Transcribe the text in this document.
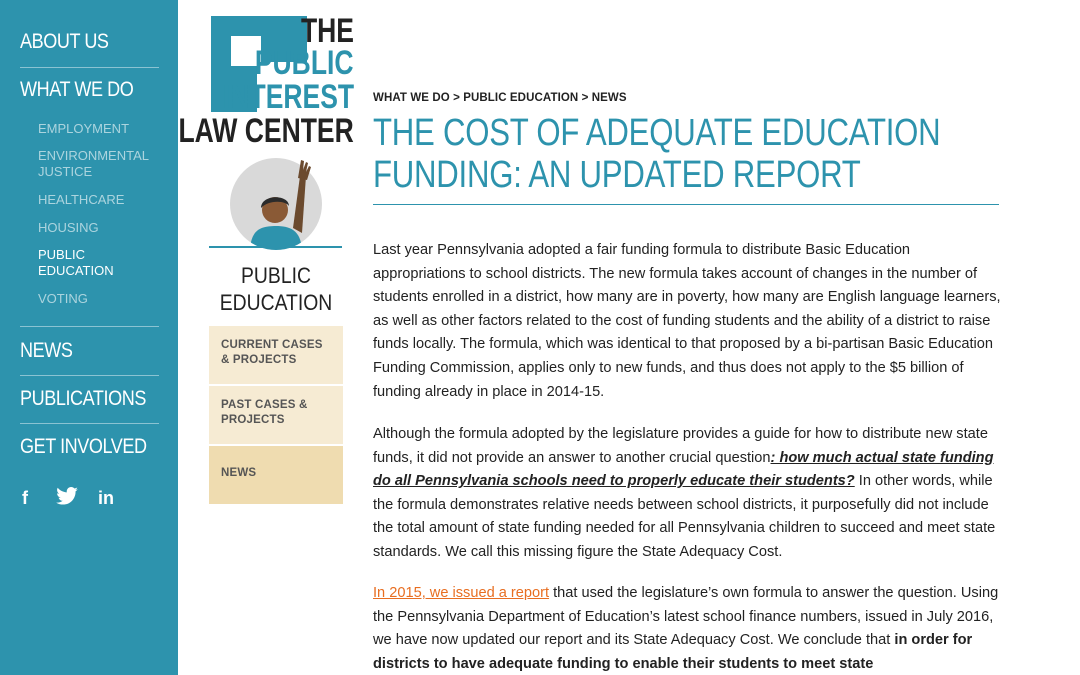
ABOUT US
WHAT WE DO
EMPLOYMENT
ENVIRONMENTAL JUSTICE
HEALTHCARE
HOUSING
PUBLIC EDUCATION
VOTING
NEWS
PUBLICATIONS
GET INVOLVED
f	in
THE
PUBLIC
INTEREST
LAW CENTER
PUBLIC
EDUCATION
CURRENT CASES & PROJECTS
PAST CASES & PROJECTS
NEWS
WHAT WE DO > PUBLIC EDUCATION > NEWS
THE COST OF ADEQUATE EDUCATION FUNDING: AN UPDATED REPORT

Last year Pennsylvania adopted a fair funding formula to distribute Basic Education appropriations to school districts. The new formula takes account of changes in the number of students enrolled in a district, how many are in poverty, how many are English language learners, as well as other factors related to the cost of funding students and the ability of a district to raise funds locally. The formula, which was identical to that proposed by a bi-partisan Basic Education Funding Commission, applies only to new funds, and thus does not apply to the $5 billion of funding already in place in 2014-15.

Although the formula adopted by the legislature provides a guide for how to distribute new state funds, it did not provide an answer to another crucial question: how much actual state funding do all Pennsylvania schools need to properly educate their students? In other words, while the formula demonstrates relative needs between school districts, it purposefully did not include the total amount of state funding needed for all Pennsylvania children to succeed and meet state standards. We call this missing figure the State Adequacy Cost.

In 2015, we issued a report that used the legislature’s own formula to answer the question. Using the Pennsylvania Department of Education’s latest school finance numbers, issued in July 2016, we have now updated our report and its State Adequacy Cost. We conclude that in order for districts to have adequate funding to enable their students to meet state
